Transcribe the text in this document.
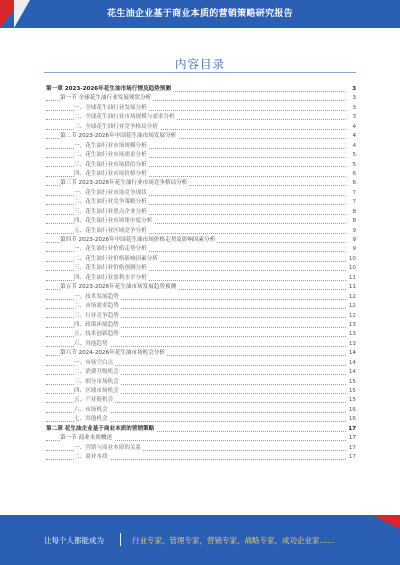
花生油企业基于商业本质的营销策略研究报告
内容目录
第一章 2023-2026年花生油市场行情及趋势预测	3
第一节 全球花生油行业发展现状分析	3
一、全球花生油行业发展分析	3
二、全球花生油行业市场规模与需求分析	3
三、全球花生油行业竞争格局分析	4
第二节 2023-2026年中国花生油市场发展分析	4
一、花生油行业市场规模分析	4
二、花生油行业市场需求分析	5
三、花生油行业市场供给分析	5
四、花生油行业市场价格分析	6
第三节 2023-2026年花生油行业市场竞争格局分析	6
一、花生油行业市场竞争现状	7
二、花生油行业竞争策略分析	7
三、花生油行业重点企业分析	8
四、花生油行业市场集中度分析	8
五、花生油行业区域竞争分析	9
第四节 2023-2026年中国花生油市场价格走势及影响因素分析	9
一、花生油行业价格走势分析	9
二、花生油行业价格影响因素分析	10
三、花生油行业价格预测分析	10
四、花生油行业盈利水平分析	11
第五节 2023-2026年花生油市场发展趋势预测	11
一、技术发展趋势	12
二、市场需求趋势	12
三、行业竞争趋势	12
四、政策环境趋势	13
五、技术创新趋势	13
六、其他趋势	13
第六节 2024-2026年花生油市场机会分析	14
一、市场空白点	14
二、消费升级机会	14
三、细分市场机会	15
四、区域市场机会	15
五、产业链机会	15
六、市场机会	16
七、其他机会	16
第二章 花生油企业基于商业本质的营销策略	17
第一节 商业本质概述	17
一、营销与商业本质的关系	17
二、商业本质	17
让每个人都能成为	行业专家，管理专家，营销专家，战略专家，成功企业家……
